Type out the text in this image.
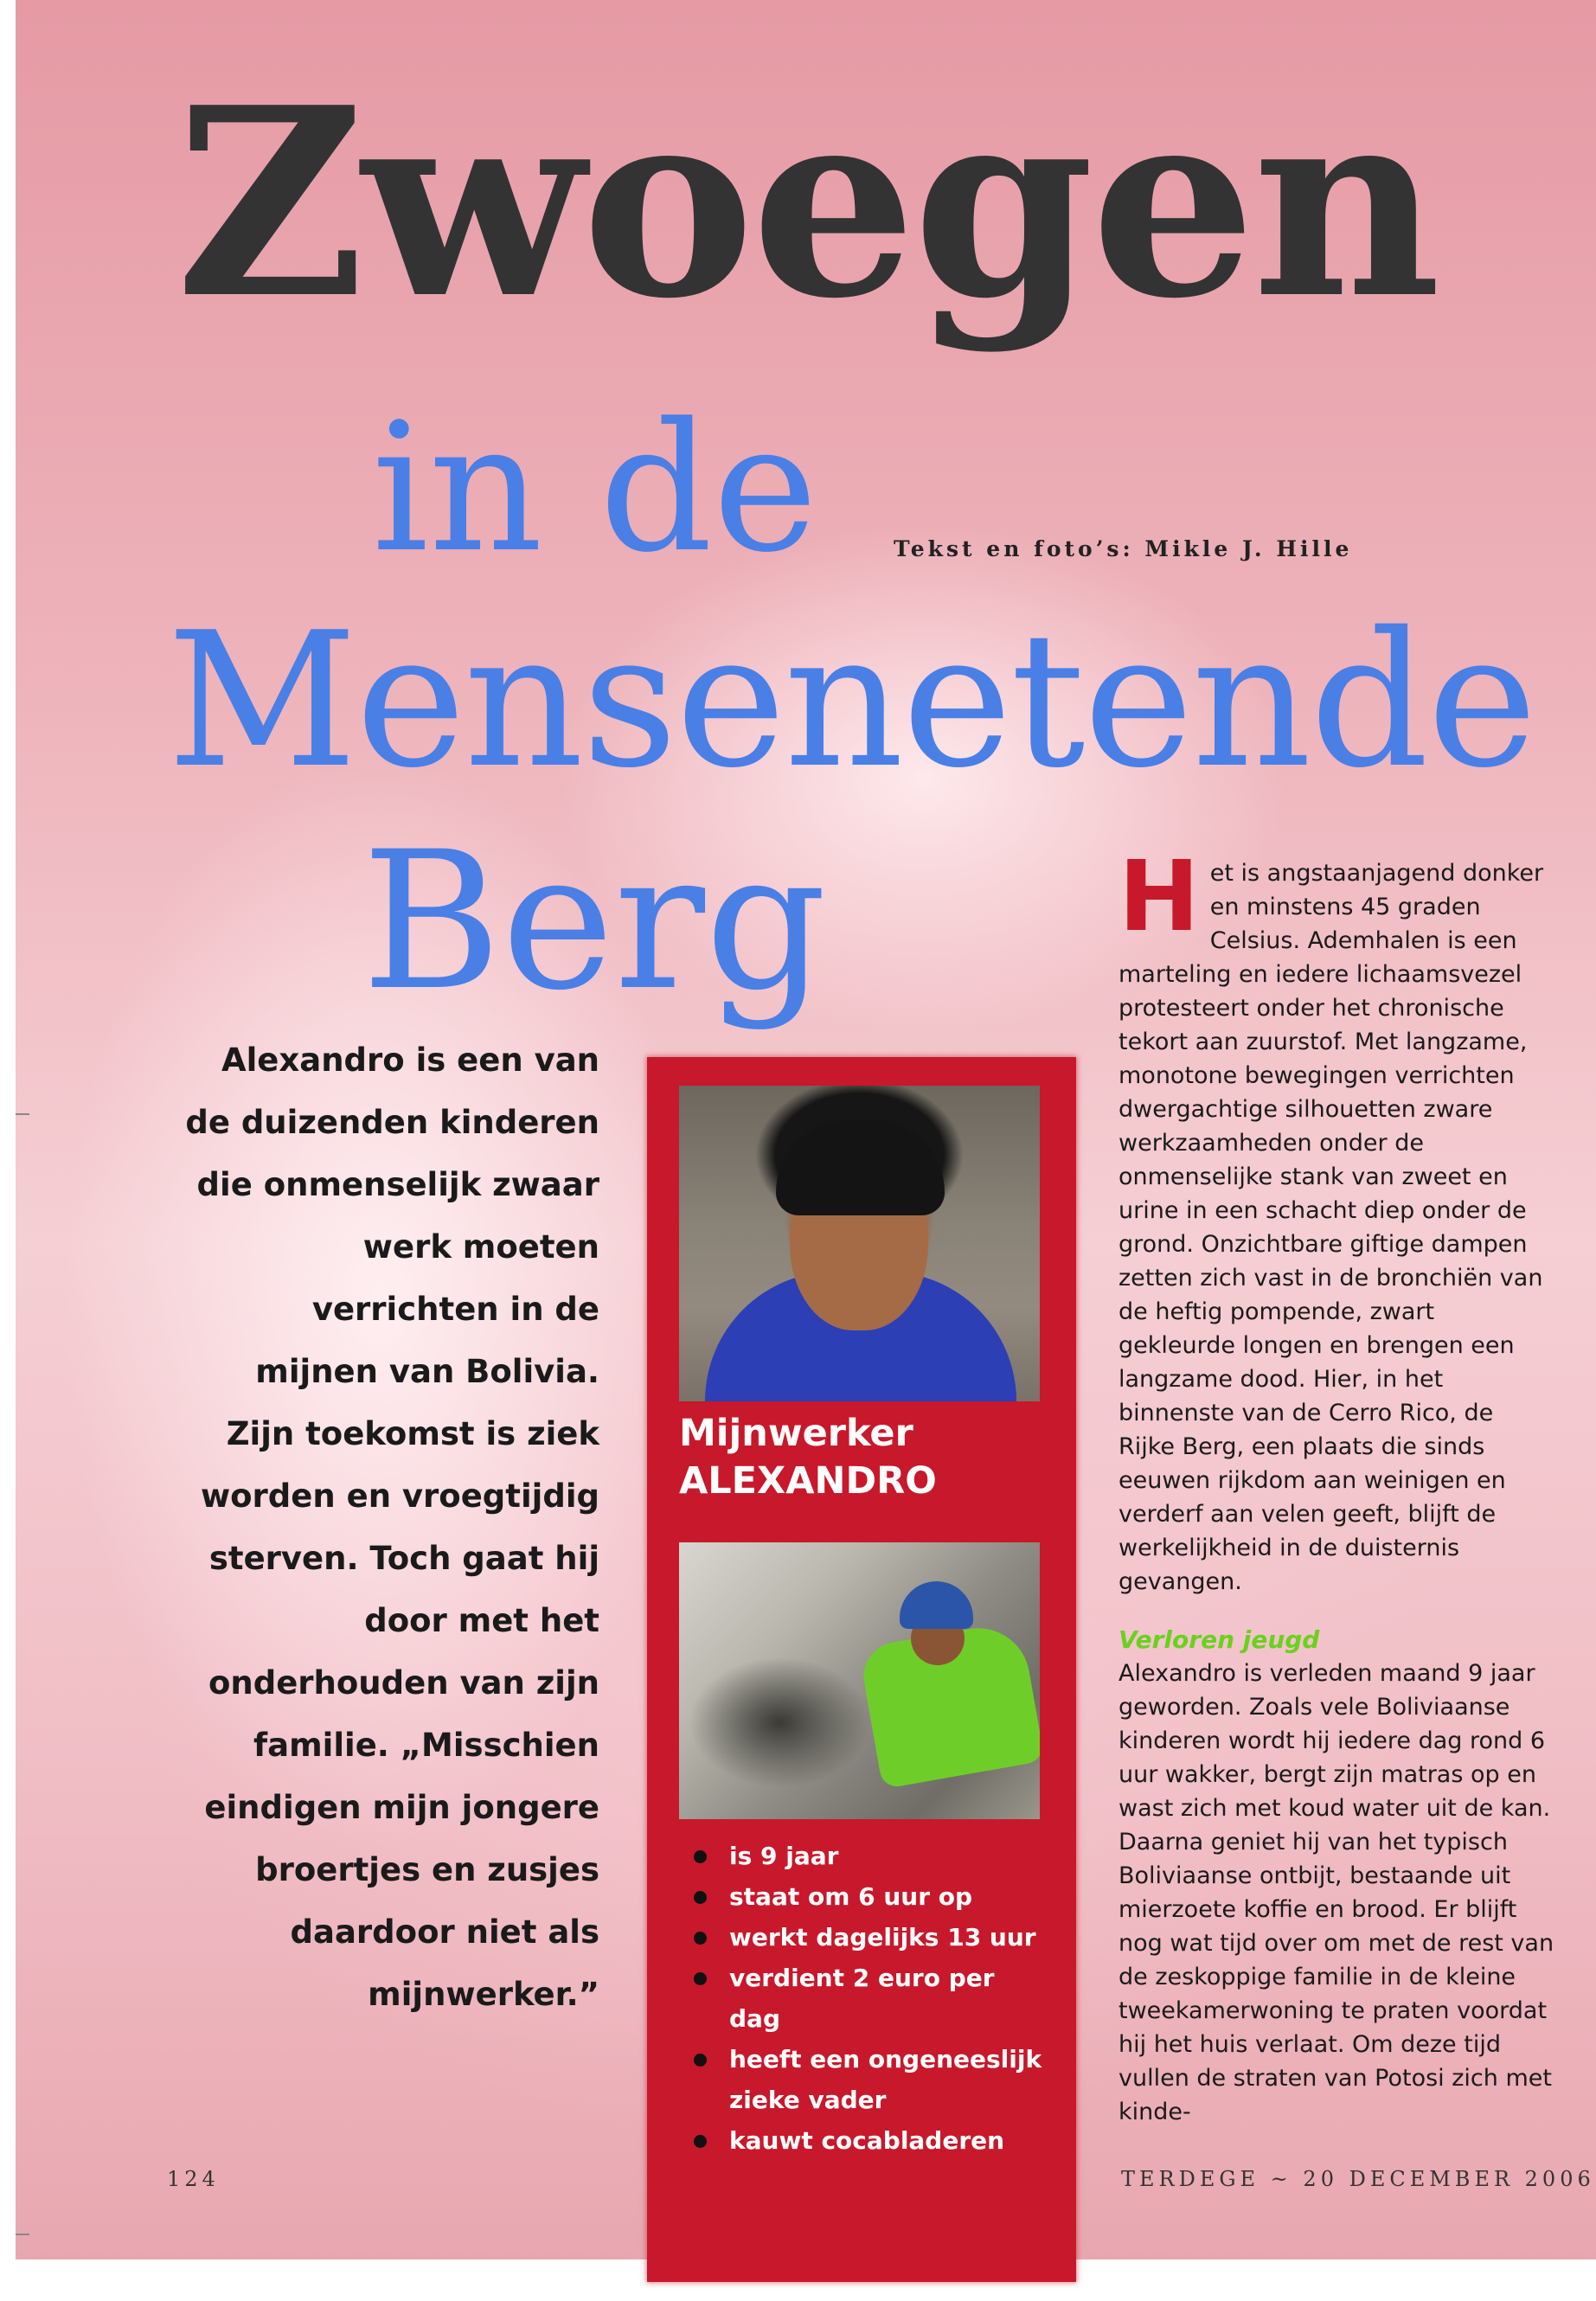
Zwoegen
in de
Mensenetende
Berg

Tekst en foto’s: Mikle J. Hille

Alexandro is een van de duizenden kinderen die onmenselijk zwaar werk moeten verrichten in de mijnen van Bolivia. Zijn toekomst is ziek worden en vroegtijdig sterven. Toch gaat hij door met het onderhouden van zijn familie. „Misschien eindigen mijn jongere broertjes en zusjes daardoor niet als mijnwerker.”

Mijnwerker
ALEXANDRO
is 9 jaar
staat om 6 uur op
werkt dagelijks 13 uur
verdient 2 euro per dag
heeft een ongeneeslijk zieke vader
kauwt cocabladeren

Het is angstaanjagend donker en minstens 45 graden Celsius. Ademhalen is een marteling en iedere lichaamsvezel protesteert onder het chronische tekort aan zuurstof. Met langzame, monotone bewegingen verrichten dwergachtige silhouetten zware werkzaamheden onder de onmenselijke stank van zweet en urine in een schacht diep onder de grond. Onzichtbare giftige dampen zetten zich vast in de bronchiën van de heftig pompende, zwart gekleurde longen en brengen een langzame dood. Hier, in het binnenste van de Cerro Rico, de Rijke Berg, een plaats die sinds eeuwen rijkdom aan weinigen en verderf aan velen geeft, blijft de werkelijkheid in de duisternis gevangen.

Verloren jeugd

Alexandro is verleden maand 9 jaar geworden. Zoals vele Boliviaanse kinderen wordt hij iedere dag rond 6 uur wakker, bergt zijn matras op en wast zich met koud water uit de kan. Daarna geniet hij van het typisch Boliviaanse ontbijt, bestaande uit mierzoete koffie en brood. Er blijft nog wat tijd over om met de rest van de zeskoppige familie in de kleine tweekamerwoning te praten voordat hij het huis verlaat. Om deze tijd vullen de straten van Potosi zich met kinde-

124	TERDEGE ~ 20 DECEMBER 2006
